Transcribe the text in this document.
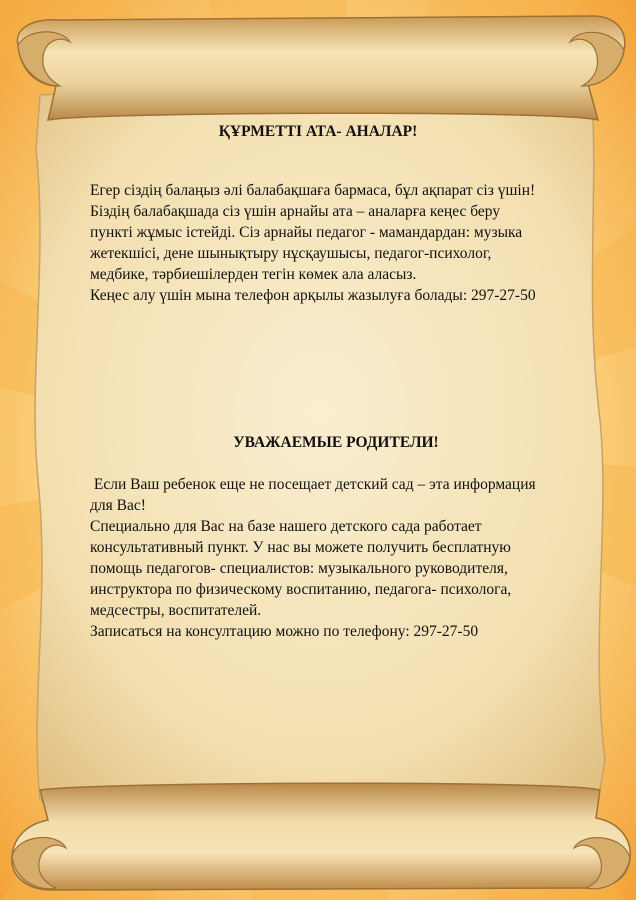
ҚҰРМЕТТІ АТА- АНАЛАР!
Егер сіздің балаңыз әлі балабақшаға бармаса, бұл ақпарат сіз үшін!
Біздің балабақшада сіз үшін арнайы ата – аналарға кеңес беру
пункті жұмыс істейді. Сіз арнайы педагог - мамандардан: музыка
жетекшісі, дене шынықтыру нұсқаушысы, педагог-психолог,
медбике, тәрбиешілерден тегін көмек ала аласыз.
Кеңес алу үшін мына телефон арқылы жазылуға болады: 297-27-50
УВАЖАЕМЫЕ РОДИТЕЛИ!
Если Ваш ребенок еще не посещает детский сад – эта информация
для Вас!
Специально для Вас на базе нашего детского сада работает
консультативный пункт. У нас вы можете получить бесплатную
помощь педагогов- специалистов: музыкального руководителя,
инструктора по физическому воспитанию, педагога- психолога,
медсестры, воспитателей.
Записаться на консултацию можно по телефону: 297-27-50
